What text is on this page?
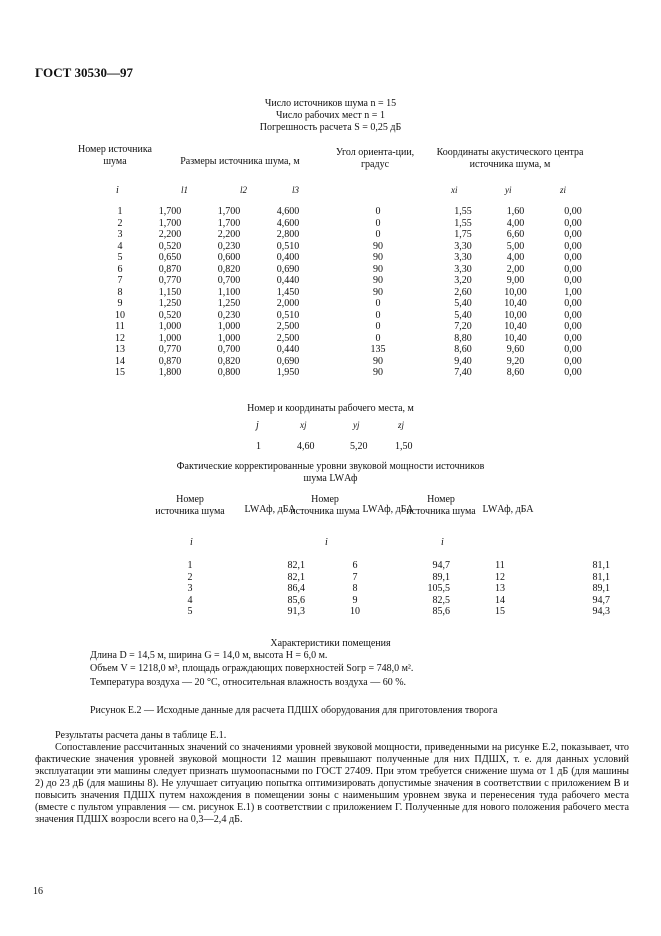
ГОСТ 30530—97
Число источников шума n = 15
Число рабочих мест n = 1
Погрешность расчета S = 0,25 дБ
Номер источника шума	Размеры источника шума, м
Угол ориента-ции, градус
Координаты акустического центра источника шума, м
i	l1	l2	l3	xi	yi	zi
1	1,700	1,700	4,600	0	1,55	1,60	0,00
2	1,700	1,700	4,600	0	1,55	4,00	0,00
3	2,200	2,200	2,800	0	1,75	6,60	0,00
4	0,520	0,230	0,510	90	3,30	5,00	0,00
5	0,650	0,600	0,400	90	3,30	4,00	0,00
6	0,870	0,820	0,690	90	3,30	2,00	0,00
7	0,770	0,700	0,440	90	3,20	9,00	0,00
8	1,150	1,100	1,450	90	2,60	10,00	1,00
9	1,250	1,250	2,000	0	5,40	10,40	0,00
10	0,520	0,230	0,510	0	5,40	10,00	0,00
11	1,000	1,000	2,500	0	7,20	10,40	0,00
12	1,000	1,000	2,500	0	8,80	10,40	0,00
13	0,770	0,700	0,440	135	8,60	9,60	0,00
14	0,870	0,820	0,690	90	9,40	9,20	0,00
15	1,800	0,800	1,950	90	7,40	8,60	0,00
Номер и координаты рабочего места, м
j	xj	yj	zj
1	4,60	5,20	1,50
Фактические корректированные уровни звуковой мощности источников
шума LWАф
Номер источника шума	LWАф, дБА
Номер источника шума LWАф, дБА
Номер источника шума LWАф, дБА
i	i	i
1	82,1	6	94,7	11	81,1
2	82,1	7	89,1	12	81,1
3	86,4	8	105,5	13	89,1
4	85,6	9	82,5	14	94,7
5	91,3	10	85,6	15	94,3
Характеристики помещения
Длина D = 14,5 м, ширина G = 14,0 м, высота H = 6,0 м.
Объем V = 1218,0 м³, площадь ограждающих поверхностей Sогр = 748,0 м².
Температура воздуха — 20 °С, относительная влажность воздуха — 60 %.
Рисунок Е.2 — Исходные данные для расчета ПДШХ оборудования для приготовления творога

Результаты расчета даны в таблице Е.1.

Сопоставление рассчитанных значений со значениями уровней звуковой мощности, приведенными на рисунке Е.2, показывает, что фактические значения уровней звуковой мощности 12 машин превышают полученные для них ПДШХ, т. е. для данных условий эксплуатации эти машины следует признать шумоопасными по ГОСТ 27409. При этом требуется снижение шума от 1 дБ (для машины 2) до 23 дБ (для машины 8). Не улучшает ситуацию попытка оптимизировать допустимые значения в соответствии с приложением В и повысить значения ПДШХ путем нахождения в помещении зоны с наименьшим уровнем звука и перенесения туда рабочего места (вместе с пультом управления — см. рисунок Е.1) в соответствии с приложением Г. Полученные для нового положения рабочего места значения ПДШХ возросли всего на 0,3—2,4 дБ.

16
